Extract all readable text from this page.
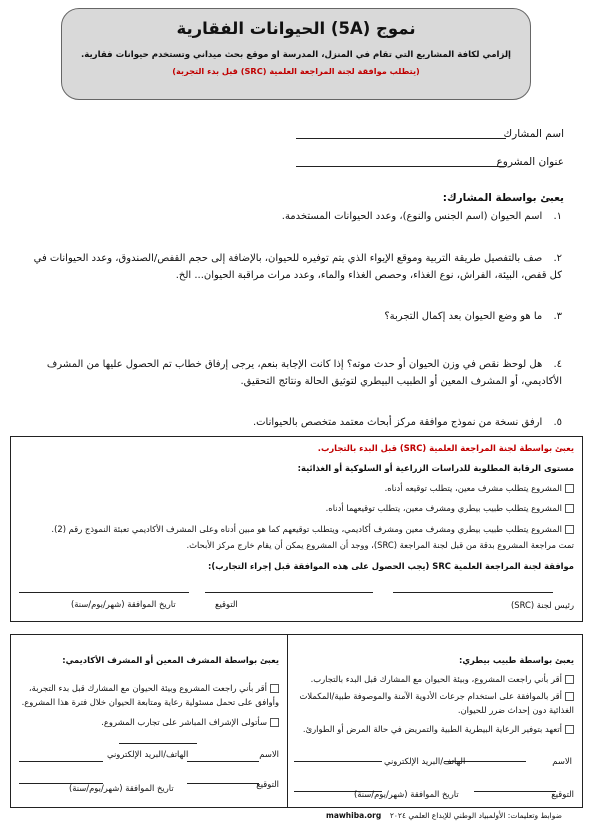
نموج (5A) الحيوانات الفقارية
إلزامي لكافة المشاريع التي تقام في المنزل، المدرسة او موقع بحث ميداني وتستخدم حيوانات فقارية.
(يتطلب موافقة لجنة المراجعة العلمية (SRC) قبل بدء التجربة)
اسم المشارك
عنوان المشروع
يعبئ بواسطة المشارك:
١. اسم الحيوان (اسم الجنس والنوع)، وعدد الحيوانات المستخدمة.
٢. صف بالتفصيل طريقة التربية وموقع الإيواء الذي يتم توفيره للحيوان، بالإضافة إلى حجم القفص/الصندوق، وعدد الحيوانات في كل قفص، البيئة، الفراش، نوع الغذاء، وحصص الغذاء والماء، وعدد مرات مراقبة الحيوان... الخ.
٣. ما هو وضع الحيوان بعد إكمال التجربة؟
٤. هل لوحظ نقص في وزن الحيوان أو حدث موته؟ إذا كانت الإجابة بنعم، يرجى إرفاق خطاب تم الحصول عليها من المشرف الأكاديمي، أو المشرف المعين أو الطبيب البيطري لتوثيق الحالة ونتائج التحقيق.
٥. ارفق نسخة من نموذج موافقة مركز أبحاث معتمد متخصص بالحيوانات.
يعبئ بواسطة لجنة المراجعة العلمية (SRC) قبل البدء بالتجارب.
مستوى الرقابة المطلوبة للدراسات الزراعية أو السلوكية أو الغذائية:
المشروع يتطلب مشرف معين، يتطلب توقيعه أدناه.
المشروع يتطلب طبيب بيطري ومشرف معين، يتطلب توقيعهما أدناه.
المشروع يتطلب طبيب بيطري ومشرف معين ومشرف أكاديمي، ويتطلب توقيعهم كما هو مبين أدناه وعلى المشرف الأكاديمي تعبئة النموذج رقم (2).
تمت مراجعة المشروع بدقة من قبل لجنة المراجعة (SRC)، ووجد أن المشروع يمكن أن يقام خارج مركز الأبحاث.
موافقة لجنة المراجعة العلمية SRC (يجب الحصول على هذه الموافقة قبل إجراء التجارب):
رئيس لجنة (SRC)
التوقيع
تاريخ الموافقة (شهر/يوم/سنة)
يعبئ بواسطة طبيب بيطري:
أقر بأني راجعت المشروع، وبيئة الحيوان مع المشارك قبل البدء بالتجارب.
أقر بالموافقة على استخدام جرعات الأدوية الآمنة والموصوفة طبية/المكملات الغذائية دون إحداث ضرر للحيوان.
أتعهد بتوفير الرعاية البيطرية الطبية والتمريض في حالة المرض أو الطوارئ.
الهاتف/البريد الإلكتروني	الاسم
تاريخ الموافقة (شهر/يوم/سنة)	التوقيع
يعبئ بواسطة المشرف المعين أو المشرف الأكاديمي:
أقر بأني راجعت المشروع وبيئة الحيوان مع المشارك قبل بدء التجربة، وأوافق على تحمل مسئولية رعاية ومتابعة الحيوان خلال فترة هذا المشروع.
سأتولى الإشراف المباشر على تجارب المشروع.
الهاتف/البريد الإلكتروني	الاسم
تاريخ الموافقة (شهر/يوم/سنة)	التوقيع
mawhiba.org ضوابط وتعليمات: الأولمبياد الوطني للإبداع العلمي ٢٠٢٤
